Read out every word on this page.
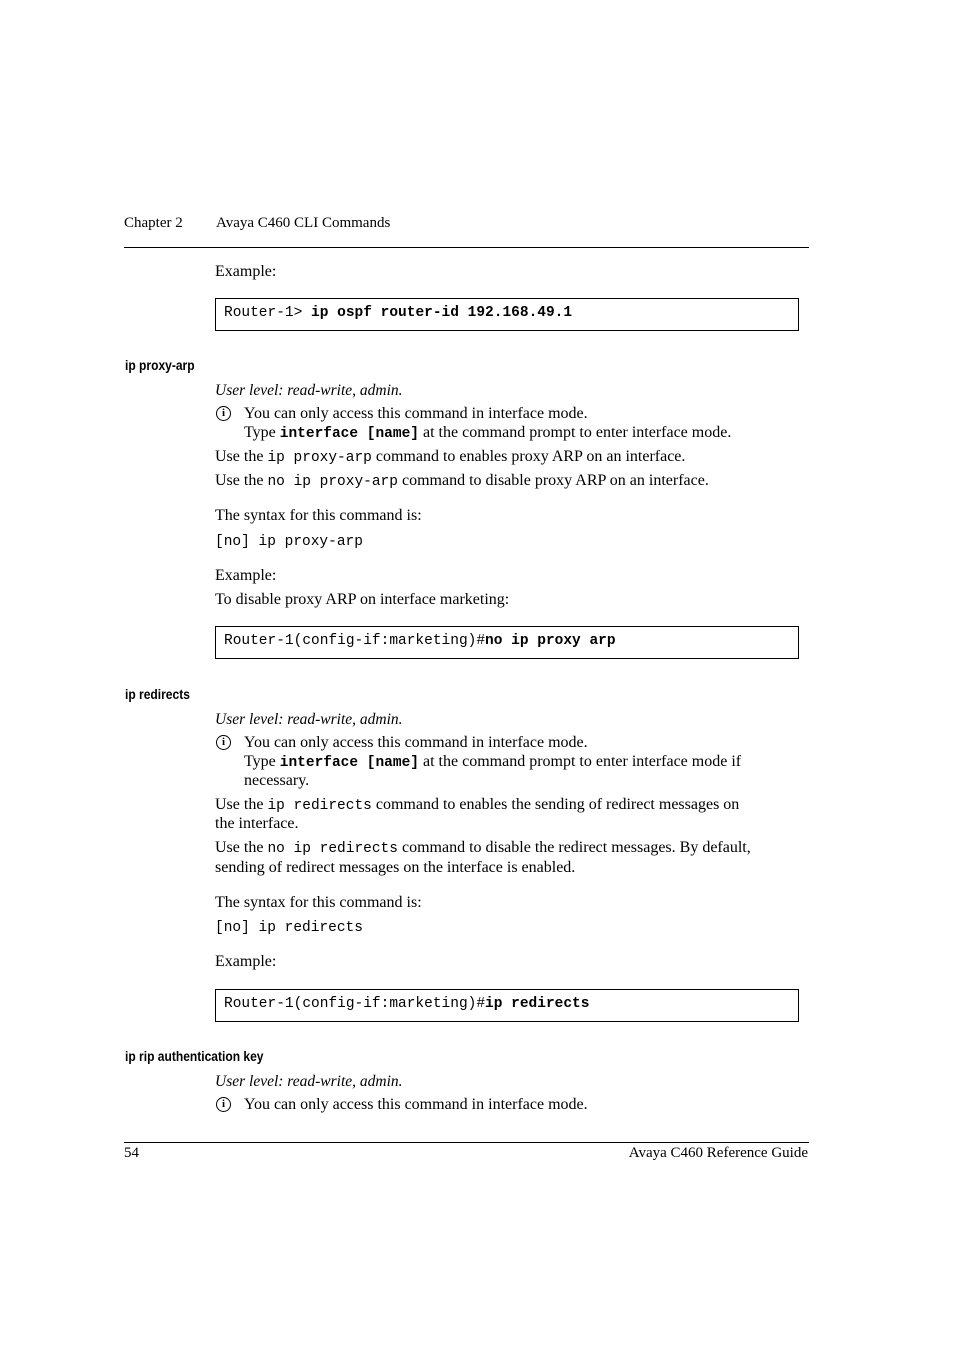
Chapter 2 Avaya C460 CLI Commands
Example:
Router-1> ip ospf router-id 192.168.49.1
ip proxy-arp
User level: read-write, admin.
i	You can only access this command in interface mode.
Type interface [name] at the command prompt to enter interface mode.
Use the ip proxy-arp command to enables proxy ARP on an interface.
Use the no ip proxy-arp command to disable proxy ARP on an interface.
The syntax for this command is:
[no] ip proxy-arp
Example:
To disable proxy ARP on interface marketing:
Router-1(config-if:marketing)#no ip proxy arp
ip redirects
User level: read-write, admin.
i	You can only access this command in interface mode.
Type interface [name] at the command prompt to enter interface mode if
necessary.
Use the ip redirects command to enables the sending of redirect messages on
the interface.
Use the no ip redirects command to disable the redirect messages. By default,
sending of redirect messages on the interface is enabled.
The syntax for this command is:
[no] ip redirects
Example:
Router-1(config-if:marketing)#ip redirects
ip rip authentication key
User level: read-write, admin.
i	You can only access this command in interface mode.
54	Avaya C460 Reference Guide
